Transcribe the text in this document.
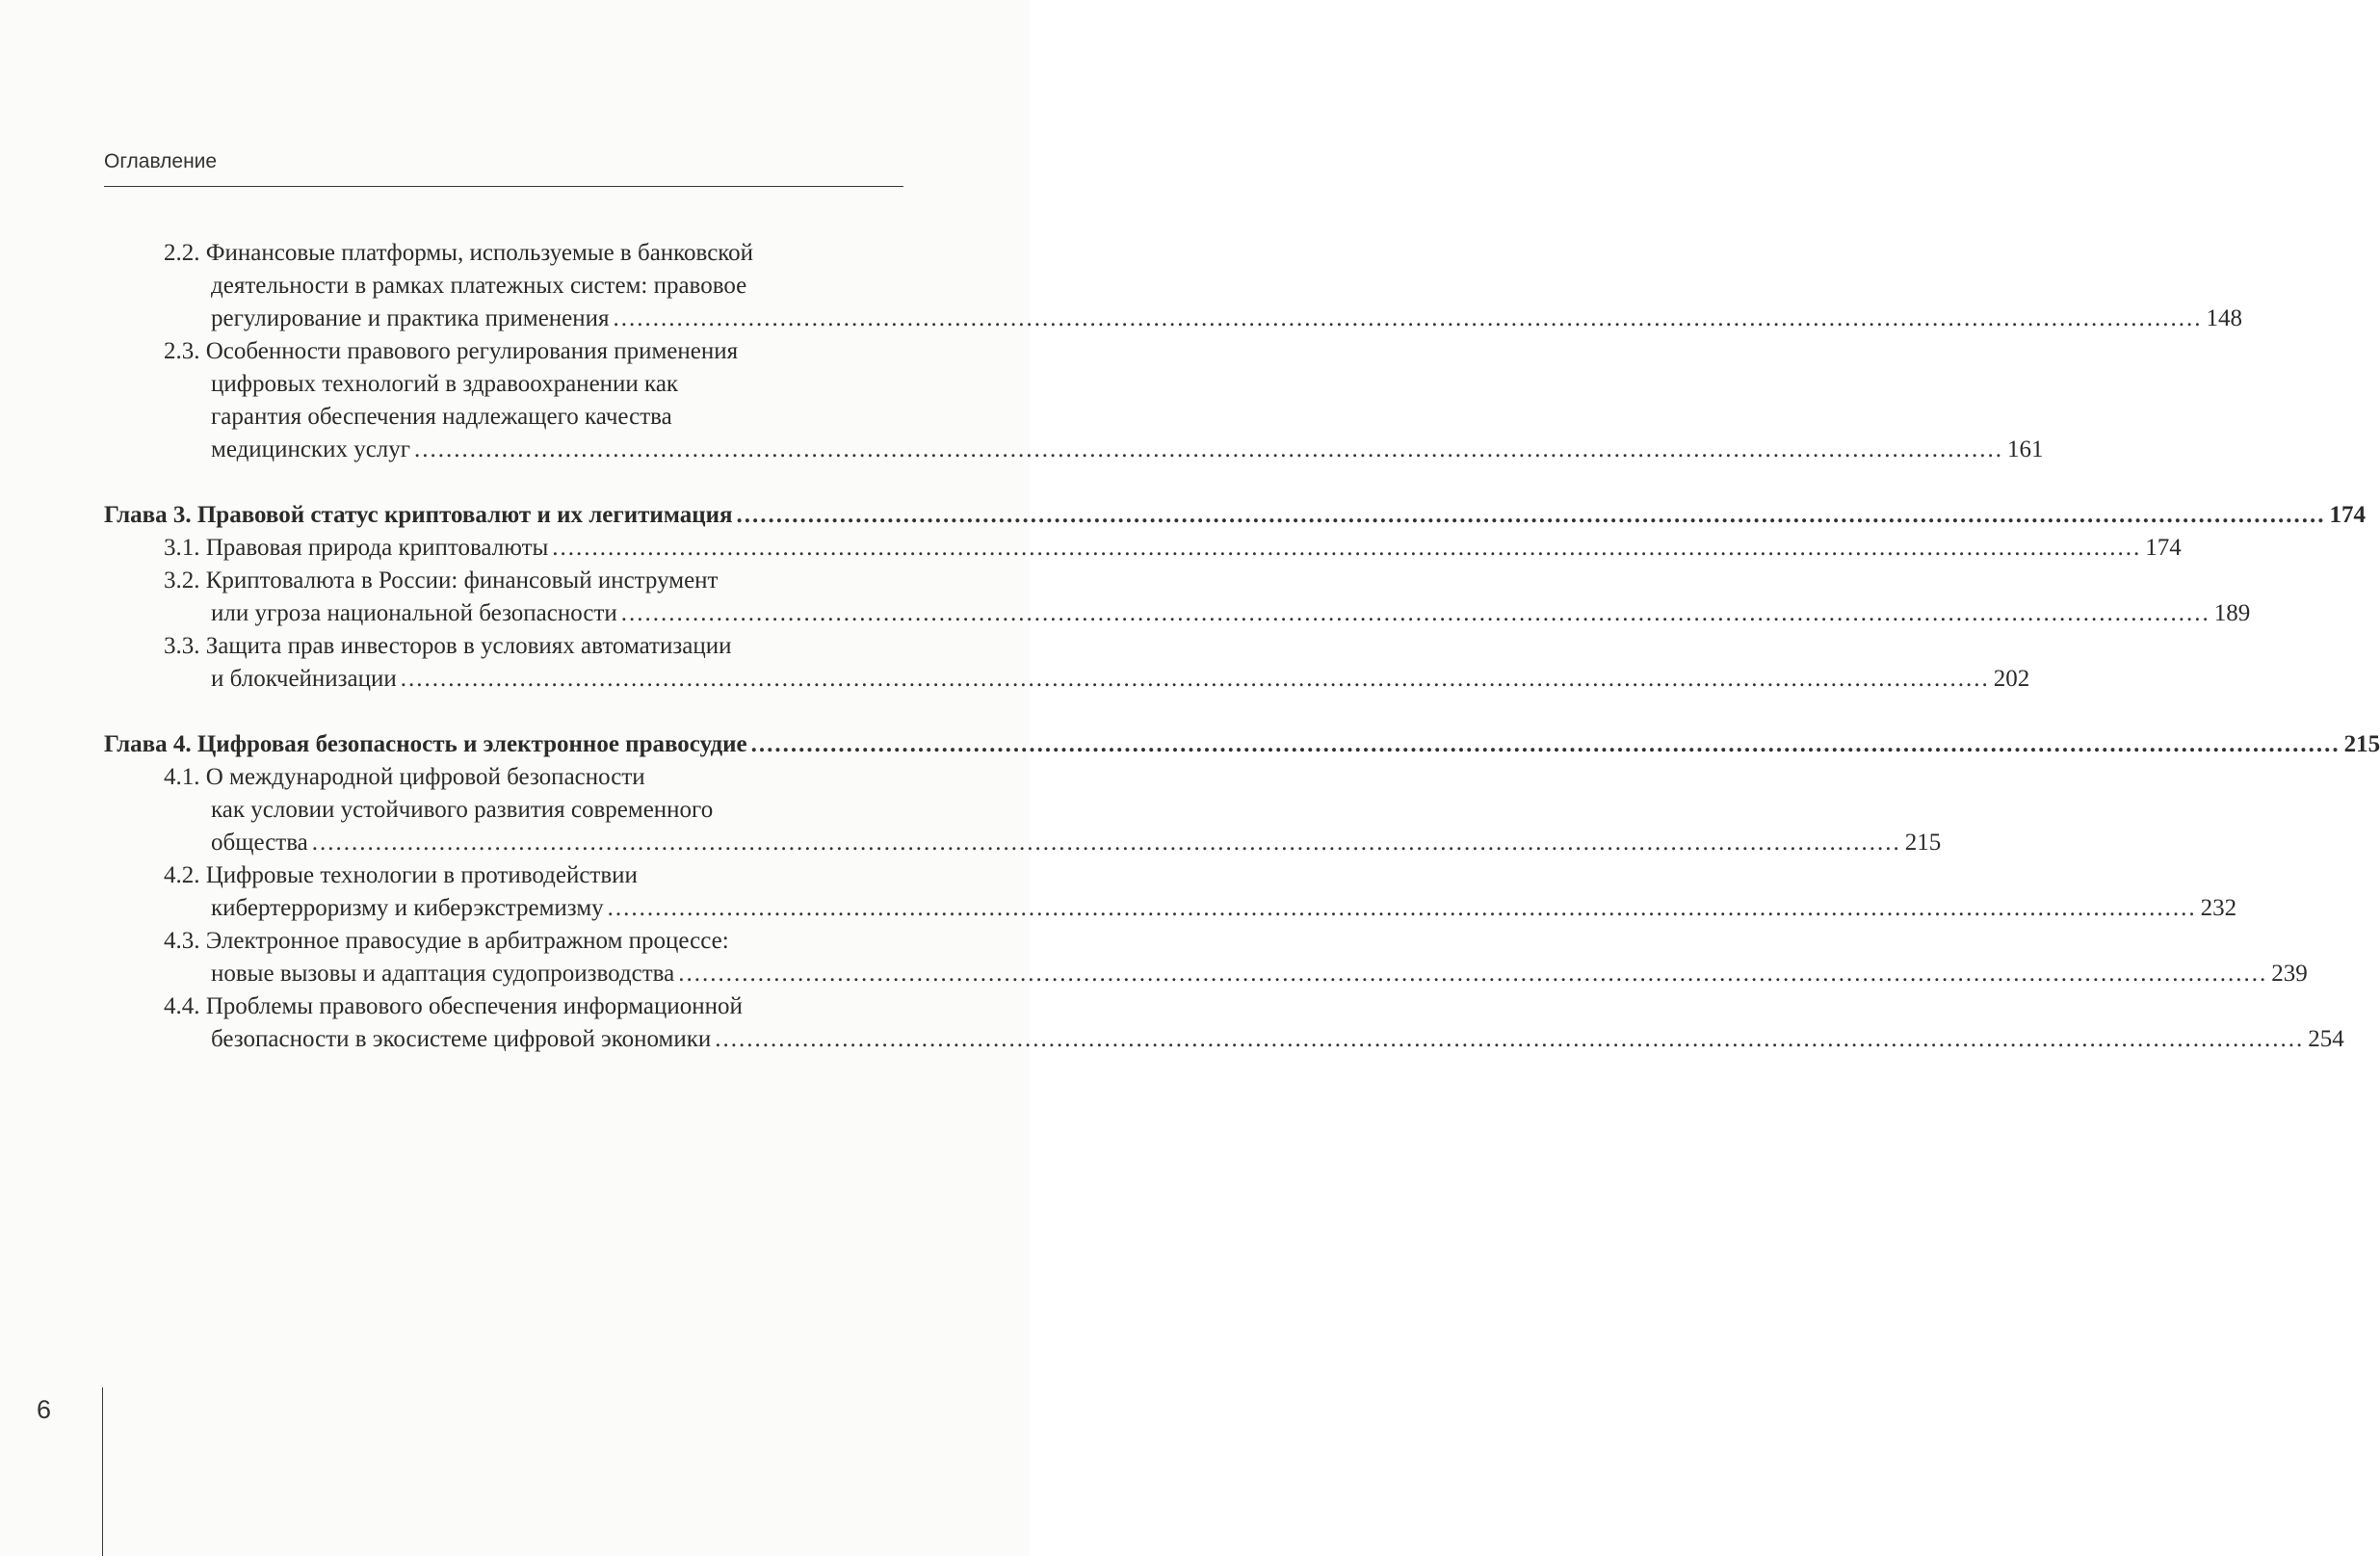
Оглавление
2.2. Финансовые платформы, используемые в банковской
деятельности в рамках платежных систем: правовое
регулирование и практика применения ........................................................................................................................................................................................................ 148
2.3. Особенности правового регулирования применения
цифровых технологий в здравоохранении как
гарантия обеспечения надлежащего качества
медицинских услуг ........................................................................................................................................................................................................ 161
Глава 3. Правовой статус криптовалют и их легитимация ........................................................................................................................................................................................................ 174
3.1. Правовая природа криптовалюты ........................................................................................................................................................................................................ 174
3.2. Криптовалюта в России: финансовый инструмент
или угроза национальной безопасности ........................................................................................................................................................................................................ 189
3.3. Защита прав инвесторов в условиях автоматизации
и блокчейнизации ........................................................................................................................................................................................................ 202
Глава 4. Цифровая безопасность и электронное правосудие ........................................................................................................................................................................................................ 215
4.1. О международной цифровой безопасности
как условии устойчивого развития современного
общества ........................................................................................................................................................................................................ 215
4.2. Цифровые технологии в противодействии
кибертерроризму и киберэкстремизму ........................................................................................................................................................................................................ 232
4.3. Электронное правосудие в арбитражном процессе:
новые вызовы и адаптация судопроизводства ........................................................................................................................................................................................................ 239
4.4. Проблемы правового обеспечения информационной
безопасности в экосистеме цифровой экономики ........................................................................................................................................................................................................ 254
6
